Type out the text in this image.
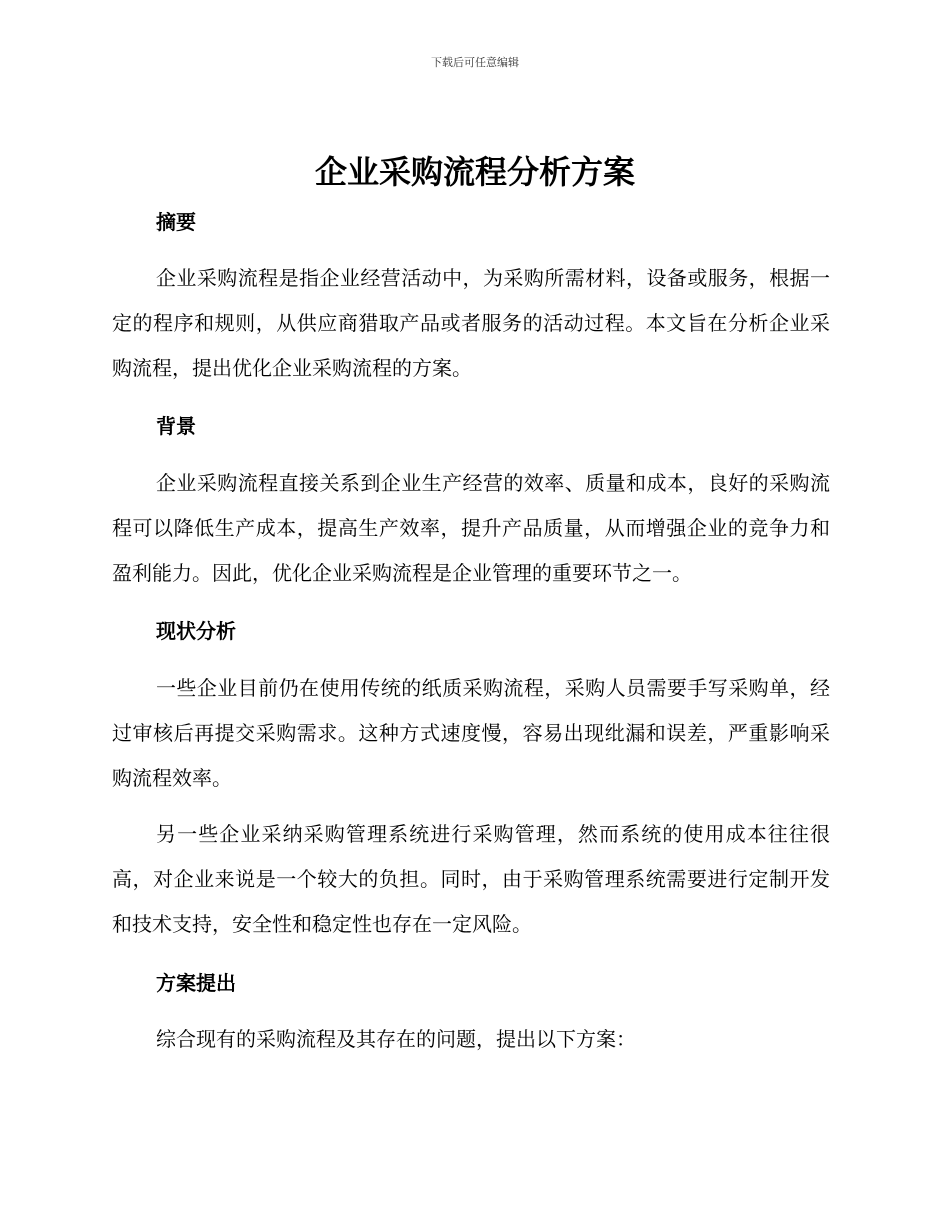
下载后可任意编辑
企业采购流程分析方案
摘要

企业采购流程是指企业经营活动中，为采购所需材料，设备或服务，根据一定的程序和规则，从供应商猎取产品或者服务的活动过程。本文旨在分析企业采购流程，提出优化企业采购流程的方案。

背景

企业采购流程直接关系到企业生产经营的效率、质量和成本，良好的采购流程可以降低生产成本，提高生产效率，提升产品质量，从而增强企业的竞争力和盈利能力。因此，优化企业采购流程是企业管理的重要环节之一。

现状分析

一些企业目前仍在使用传统的纸质采购流程，采购人员需要手写采购单，经过审核后再提交采购需求。这种方式速度慢，容易出现纰漏和误差，严重影响采购流程效率。

另一些企业采纳采购管理系统进行采购管理，然而系统的使用成本往往很高，对企业来说是一个较大的负担。同时，由于采购管理系统需要进行定制开发和技术支持，安全性和稳定性也存在一定风险。

方案提出

综合现有的采购流程及其存在的问题，提出以下方案：
